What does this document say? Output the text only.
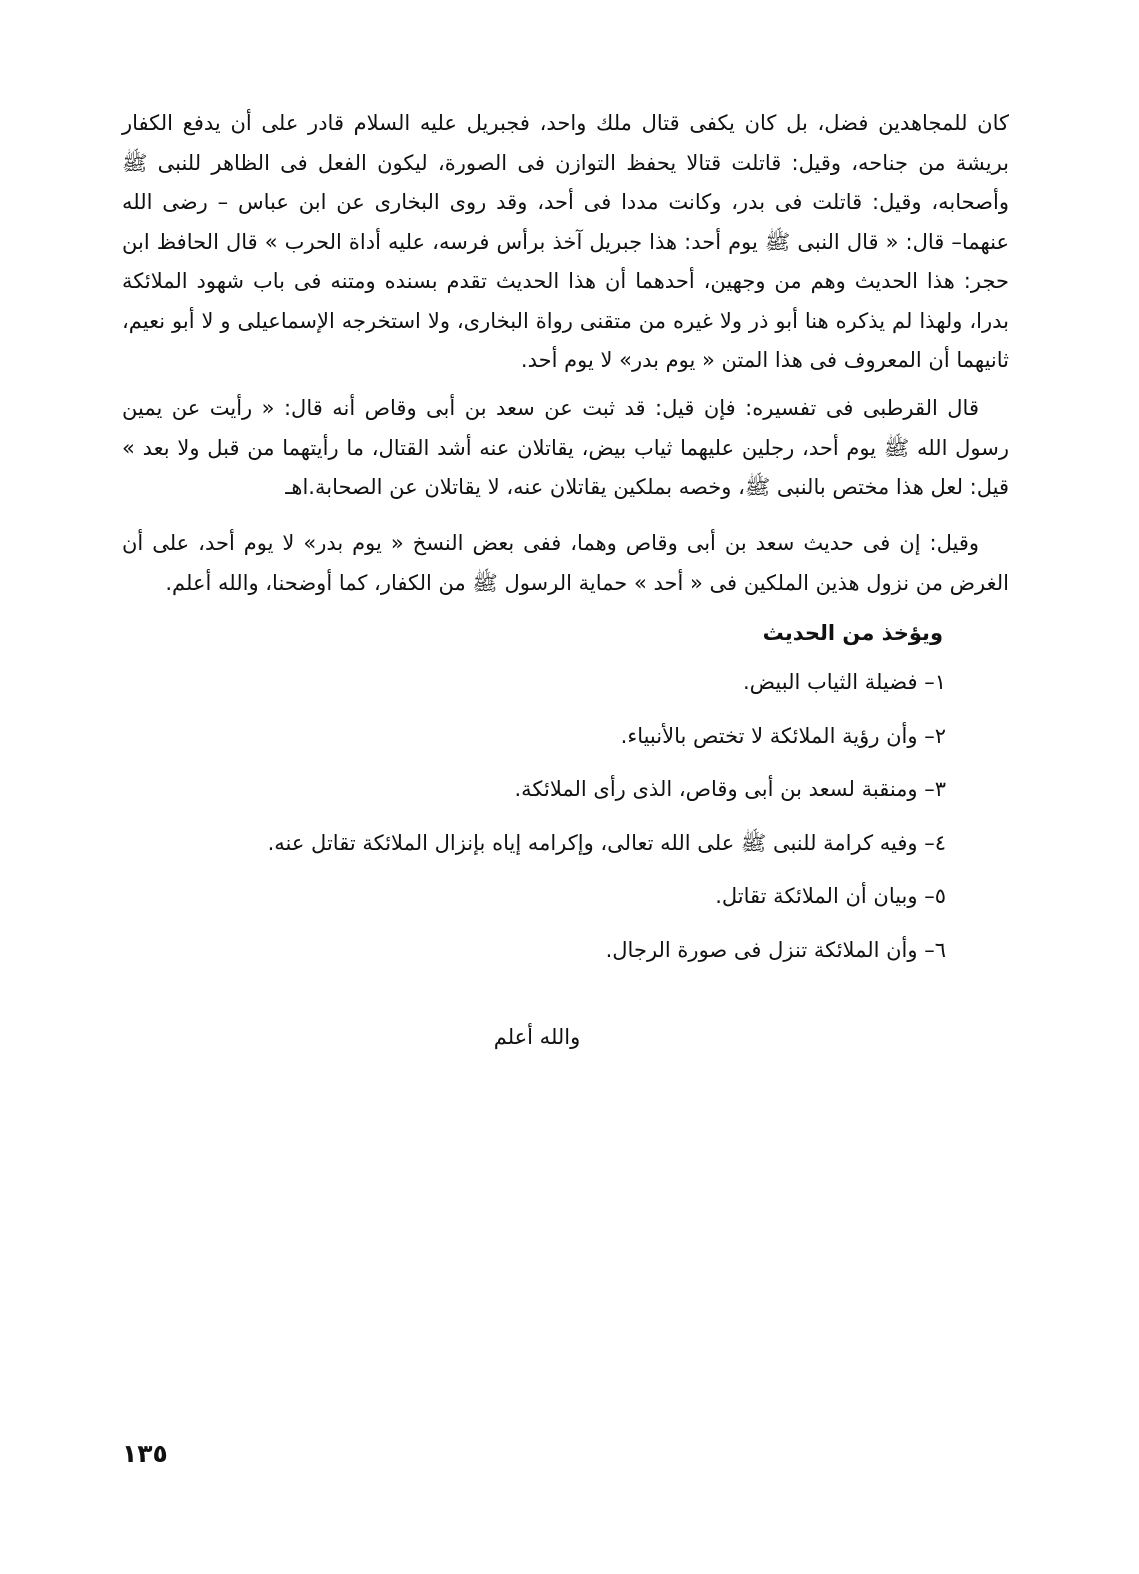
كان للمجاهدين فضل، بل كان يكفى قتال ملك واحد، فجبريل عليه السلام قادر على أن يدفع الكفار بريشة من جناحه، وقيل: قاتلت قتالا يحفظ التوازن فى الصورة، ليكون الفعل فى الظاهر للنبى ﷺ وأصحابه، وقيل: قاتلت فى بدر، وكانت مددا فى أحد، وقد روى البخارى عن ابن عباس – رضى الله عنهما– قال: « قال النبى ﷺ يوم أحد: هذا جبريل آخذ برأس فرسه، عليه أداة الحرب » قال الحافظ ابن حجر: هذا الحديث وهم من وجهين، أحدهما أن هذا الحديث تقدم بسنده ومتنه فى باب شهود الملائكة بدرا، ولهذا لم يذكره هنا أبو ذر ولا غيره من متقنى رواة البخارى، ولا استخرجه الإسماعيلى و لا أبو نعيم، ثانيهما أن المعروف فى هذا المتن « يوم بدر» لا يوم أحد.

قال القرطبى فى تفسيره: فإن قيل: قد ثبت عن سعد بن أبى وقاص أنه قال: « رأيت عن يمين رسول الله ﷺ يوم أحد، رجلين عليهما ثياب بيض، يقاتلان عنه أشد القتال، ما رأيتهما من قبل ولا بعد » قيل: لعل هذا مختص بالنبى ﷺ، وخصه بملكين يقاتلان عنه، لا يقاتلان عن الصحابة.اهـ

وقيل: إن فى حديث سعد بن أبى وقاص وهما، ففى بعض النسخ « يوم بدر» لا يوم أحد، على أن الغرض من نزول هذين الملكين فى « أحد » حماية الرسول ﷺ من الكفار، كما أوضحنا، والله أعلم.

ويؤخذ من الحديث
١– فضيلة الثياب البيض.
٢– وأن رؤية الملائكة لا تختص بالأنبياء.
٣– ومنقبة لسعد بن أبى وقاص، الذى رأى الملائكة.
٤– وفيه كرامة للنبى ﷺ على الله تعالى، وإكرامه إياه بإنزال الملائكة تقاتل عنه.
٥– وبيان أن الملائكة تقاتل.
٦– وأن الملائكة تنزل فى صورة الرجال.
والله أعلم
١٣٥
